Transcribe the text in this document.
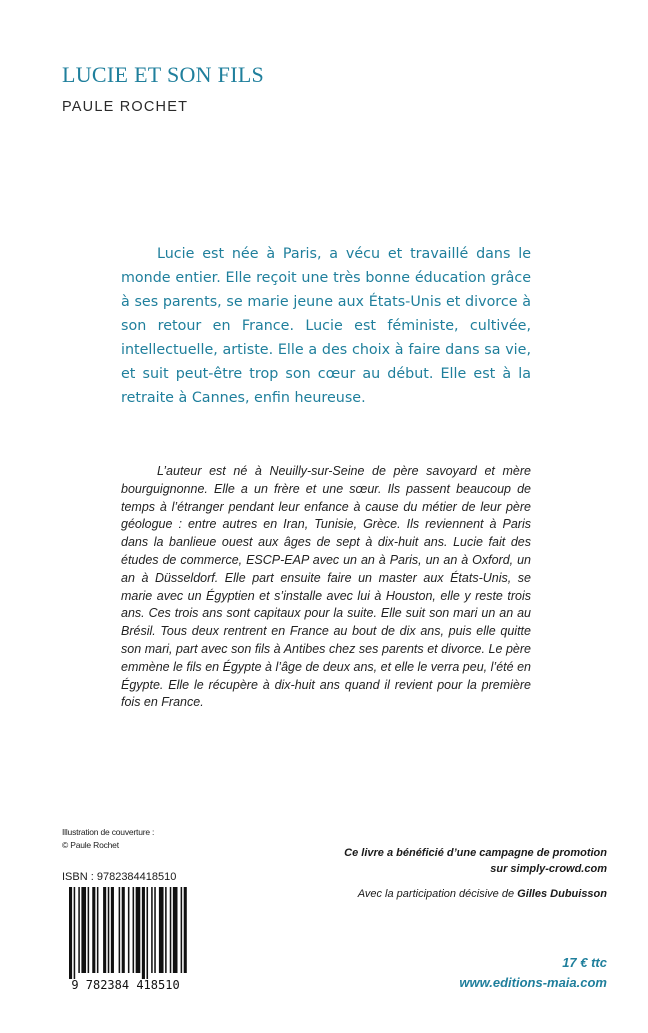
LUCIE ET SON FILS
PAULE ROCHET

Lucie est née à Paris, a vécu et travaillé dans le monde entier. Elle reçoit une très bonne éducation grâce à ses parents, se marie jeune aux États-Unis et divorce à son retour en France. Lucie est féministe, cultivée, intellectuelle, artiste. Elle a des choix à faire dans sa vie, et suit peut-être trop son cœur au début. Elle est à la retraite à Cannes, enfin heureuse.

L’auteur est né à Neuilly-sur-Seine de père savoyard et mère bourguignonne. Elle a un frère et une sœur. Ils passent beaucoup de temps à l’étranger pendant leur enfance à cause du métier de leur père géologue : entre autres en Iran, Tunisie, Grèce. Ils reviennent à Paris dans la banlieue ouest aux âges de sept à dix-huit ans. Lucie fait des études de commerce, ESCP-EAP avec un an à Paris, un an à Oxford, un an à Düsseldorf. Elle part ensuite faire un master aux États-Unis, se marie avec un Égyptien et s’installe avec lui à Houston, elle y reste trois ans. Ces trois ans sont capitaux pour la suite. Elle suit son mari un an au Brésil. Tous deux rentrent en France au bout de dix ans, puis elle quitte son mari, part avec son fils à Antibes chez ses parents et divorce. Le père emmène le fils en Égypte à l’âge de deux ans, et elle le verra peu, l’été en Égypte. Elle le récupère à dix-huit ans quand il revient pour la première fois en France.

Illustration de couverture :
© Paule Rochet
Ce livre a bénéficié d’une campagne de promotion
sur simply-crowd.com
Avec la participation décisive de Gilles Dubuisson
ISBN : 9782384418510
9 782384 418510
17 € ttc
www.editions-maia.com
